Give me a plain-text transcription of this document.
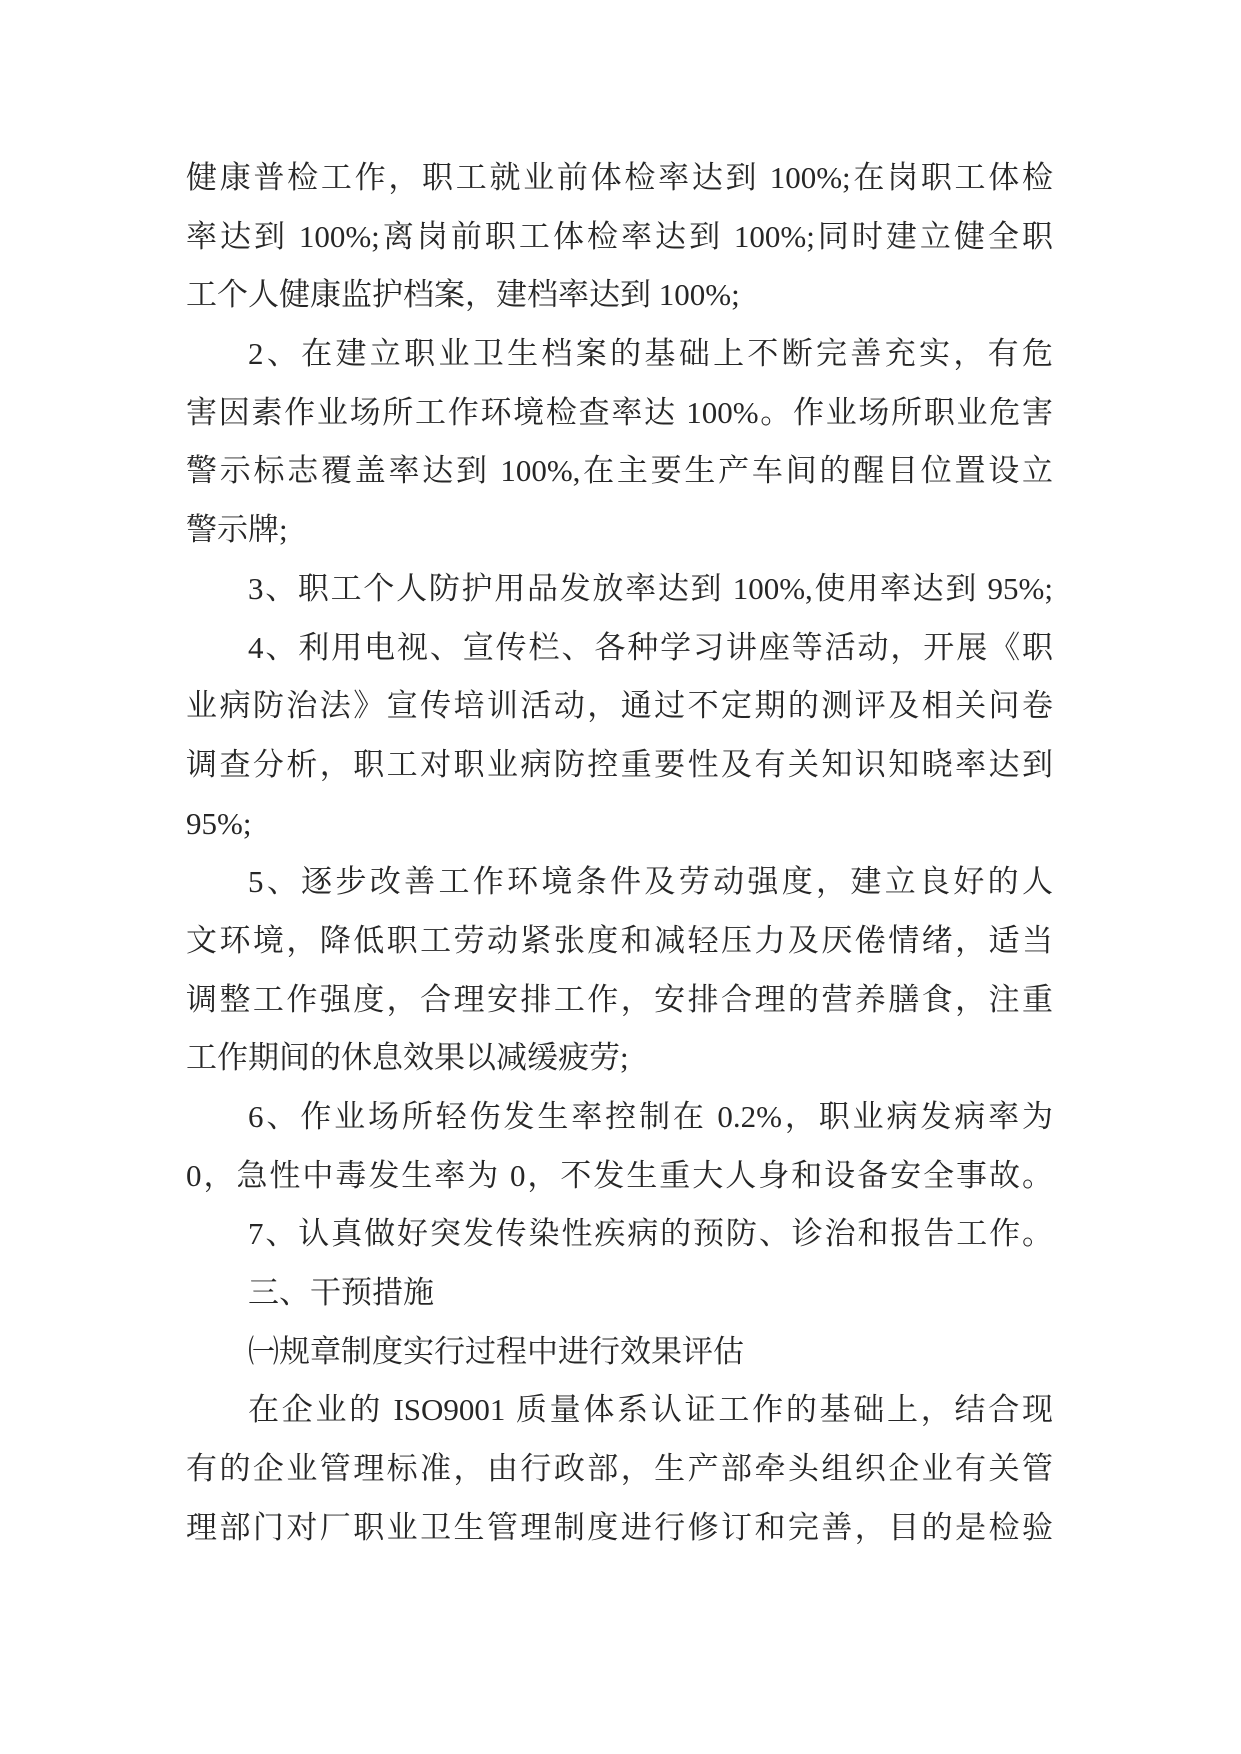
健康普检工作，职工就业前体检率达到 100%;在岗职工体检
率达到 100%;离岗前职工体检率达到 100%;同时建立健全职
工个人健康监护档案，建档率达到 100%;
2、在建立职业卫生档案的基础上不断完善充实，有危
害因素作业场所工作环境检查率达 100%。作业场所职业危害
警示标志覆盖率达到 100%,在主要生产车间的醒目位置设立
警示牌;
3、职工个人防护用品发放率达到 100%,使用率达到 95%;
4、利用电视、宣传栏、各种学习讲座等活动，开展《职
业病防治法》宣传培训活动，通过不定期的测评及相关问卷
调查分析，职工对职业病防控重要性及有关知识知晓率达到
95%;
5、逐步改善工作环境条件及劳动强度，建立良好的人
文环境，降低职工劳动紧张度和减轻压力及厌倦情绪，适当
调整工作强度，合理安排工作，安排合理的营养膳食，注重
工作期间的休息效果以减缓疲劳;
6、作业场所轻伤发生率控制在 0.2%，职业病发病率为
0，急性中毒发生率为 0，不发生重大人身和设备安全事故。
7、认真做好突发传染性疾病的预防、诊治和报告工作。
三、干预措施
㈠规章制度实行过程中进行效果评估
在企业的 ISO9001 质量体系认证工作的基础上，结合现
有的企业管理标准，由行政部，生产部牵头组织企业有关管
理部门对厂职业卫生管理制度进行修订和完善，目的是检验
